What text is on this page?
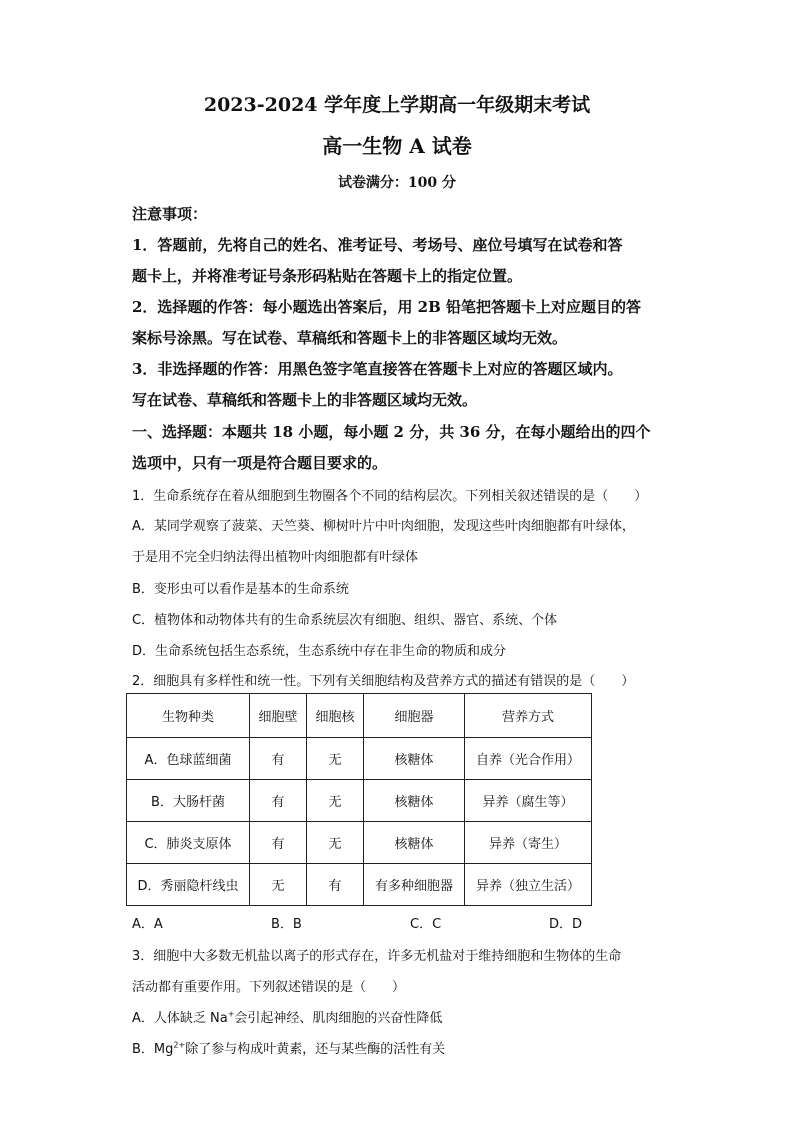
2023-2024 学年度上学期高一年级期末考试
高一生物 A 试卷
试卷满分：100 分
注意事项：
1．答题前，先将自己的姓名、准考证号、考场号、座位号填写在试卷和答
题卡上，并将准考证号条形码粘贴在答题卡上的指定位置。
2．选择题的作答：每小题选出答案后，用 2B 铅笔把答题卡上对应题目的答
案标号涂黑。写在试卷、草稿纸和答题卡上的非答题区域均无效。
3．非选择题的作答：用黑色签字笔直接答在答题卡上对应的答题区域内。
写在试卷、草稿纸和答题卡上的非答题区域均无效。
一、选择题：本题共 18 小题，每小题 2 分，共 36 分，在每小题给出的四个
选项中，只有一项是符合题目要求的。
1．生命系统存在着从细胞到生物圈各个不同的结构层次。下列相关叙述错误的是（　　）
A．某同学观察了菠菜、天竺葵、柳树叶片中叶肉细胞，发现这些叶肉细胞都有叶绿体，
于是用不完全归纳法得出植物叶肉细胞都有叶绿体
B．变形虫可以看作是基本的生命系统
C．植物体和动物体共有的生命系统层次有细胞、组织、器官、系统、个体
D．生命系统包括生态系统，生态系统中存在非生命的物质和成分
2．细胞具有多样性和统一性。下列有关细胞结构及营养方式的描述有错误的是（　　）
生物种类	细胞壁	细胞核	细胞器	营养方式
A．色球蓝细菌	有	无	核糖体	自养（光合作用）
B．大肠杆菌	有	无	核糖体	异养（腐生等）
C．肺炎支原体	有	无	核糖体	异养（寄生）
D．秀丽隐杆线虫	无	有	有多种细胞器	异养（独立生活）
A．A	B．B	C．C	D．D
3．细胞中大多数无机盐以离子的形式存在，许多无机盐对于维持细胞和生物体的生命
活动都有重要作用。下列叙述错误的是（　　）
A．人体缺乏 Na+会引起神经、肌肉细胞的兴奋性降低
B．$Mg^{2+}$除了参与构成叶黄素，还与某些酶的活性有关
